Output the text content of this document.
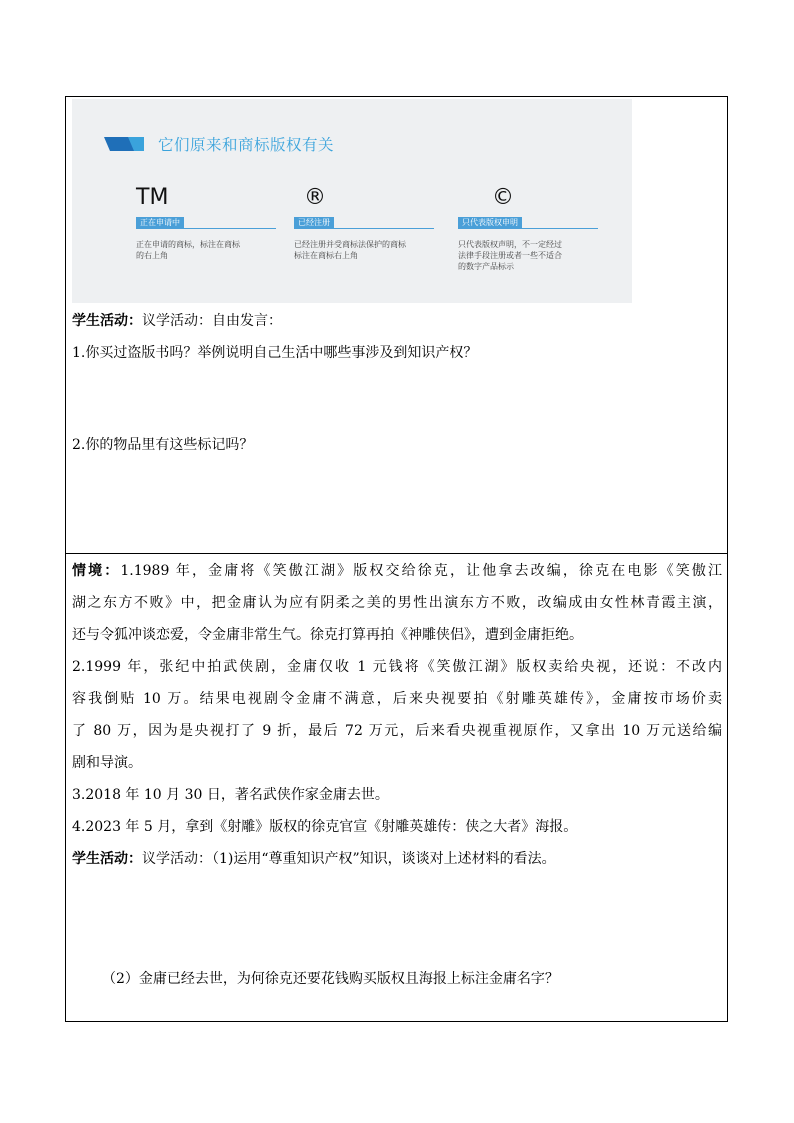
它们原来和商标版权有关
TM
正在申请中
正在申请的商标，标注在商标
的右上角
®
已经注册
已经注册并受商标法保护的商标
标注在商标右上角
©
只代表版权申明
只代表版权声明，不一定经过
法律手段注册或者一些不适合
的数字产品标示
学生活动：议学活动：自由发言：
1.你买过盗版书吗？举例说明自己生活中哪些事涉及到知识产权？
2.你的物品里有这些标记吗？
情境：1.1989 年，金庸将《笑傲江湖》版权交给徐克，让他拿去改编，徐克在电影《笑傲江
湖之东方不败》中，把金庸认为应有阴柔之美的男性出演东方不败，改编成由女性林青霞主演，
还与令狐冲谈恋爱，令金庸非常生气。徐克打算再拍《神雕侠侣》，遭到金庸拒绝。
2.1999 年，张纪中拍武侠剧，金庸仅收 1 元钱将《笑傲江湖》版权卖给央视，还说：不改内
容我倒贴 10 万。结果电视剧令金庸不满意，后来央视要拍《射雕英雄传》，金庸按市场价卖
了 80 万，因为是央视打了 9 折，最后 72 万元，后来看央视重视原作，又拿出 10 万元送给编
剧和导演。
3.2018 年 10 月 30 日，著名武侠作家金庸去世。
4.2023 年 5 月，拿到《射雕》版权的徐克官宣《射雕英雄传：侠之大者》海报。
学生活动：议学活动：（1)运用“尊重知识产权”知识，谈谈对上述材料的看法。
（2）金庸已经去世，为何徐克还要花钱购买版权且海报上标注金庸名字？
